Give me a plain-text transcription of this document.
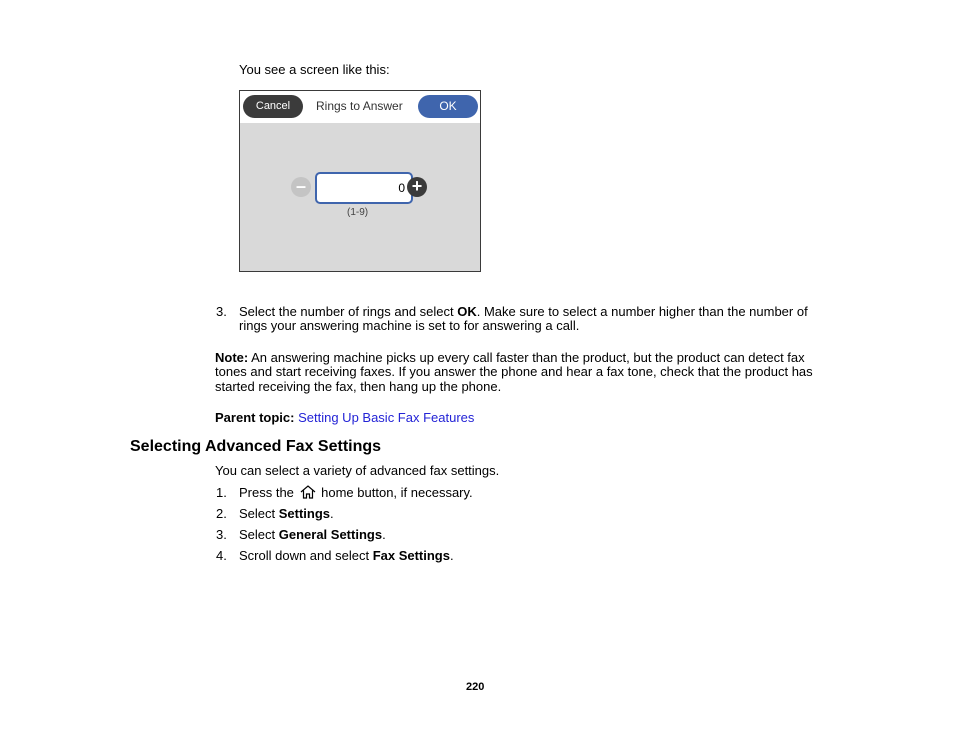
You see a screen like this:
Cancel	Rings to Answer	OK
–	0 +
(1-9)
3. Select the number of rings and select OK. Make sure to select a number higher than the number of
rings your answering machine is set to for answering a call.
Note: An answering machine picks up every call faster than the product, but the product can detect fax
tones and start receiving faxes. If you answer the phone and hear a fax tone, check that the product has
started receiving the fax, then hang up the phone.
Parent topic: Setting Up Basic Fax Features
Selecting Advanced Fax Settings
You can select a variety of advanced fax settings.
1. Press the  home button, if necessary.
2. Select Settings.
3. Select General Settings.
4. Scroll down and select Fax Settings.
220
